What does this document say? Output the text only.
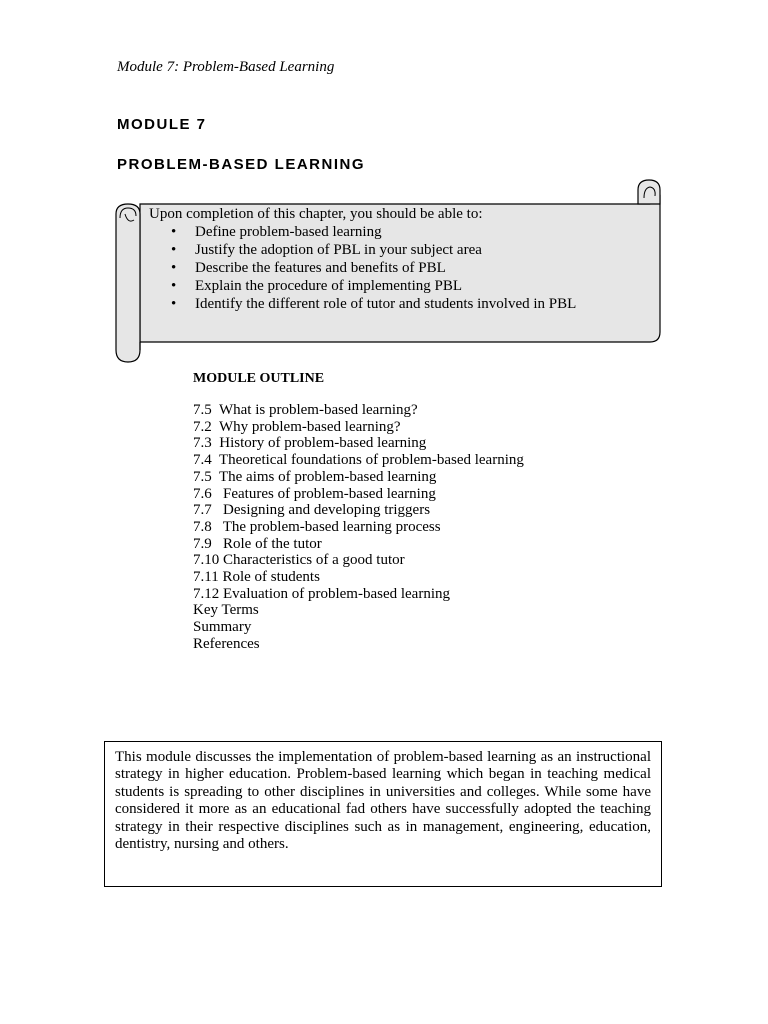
Module 7: Problem-Based Learning
MODULE 7
PROBLEM-BASED LEARNING

Upon completion of this chapter, you should be able to:

• Define problem-based learning
• Justify the adoption of PBL in your subject area
• Describe the features and benefits of PBL
• Explain the procedure of implementing PBL
• Identify the different role of tutor and students involved in PBL
MODULE OUTLINE
7.5  What is problem-based learning?
7.2  Why problem-based learning?
7.3  History of problem-based learning
7.4  Theoretical foundations of problem-based learning
7.5  The aims of problem-based learning
7.6   Features of problem-based learning
7.7   Designing and developing triggers
7.8   The problem-based learning process
7.9   Role of the tutor
7.10 Characteristics of a good tutor
7.11 Role of students
7.12 Evaluation of problem-based learning
Key Terms
Summary
References

This module discusses the implementation of problem-based learning as an instructional strategy in higher education. Problem-based learning which began in teaching medical students is spreading to other disciplines in universities and colleges. While some have considered it more as an educational fad others have successfully adopted the teaching strategy in their respective disciplines such as in management, engineering, education, dentistry, nursing and others.
